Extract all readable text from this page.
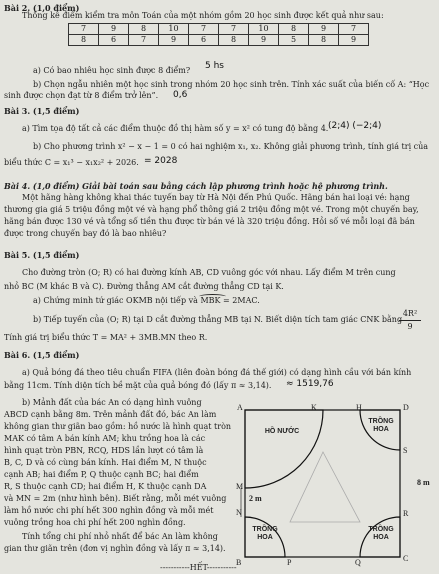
Bài 2. (1,0 điểm)
Thống kê điểm kiểm tra môn Toán của một nhóm gồm 20 học sinh được kết quả như sau:
7	9	8	10	7	7	10	8	9	7
8	6	7	9	6	8	9	5	8	9
a) Có bao nhiêu học sinh được 8 điểm? 5 hs
b) Chọn ngẫu nhiên một học sinh trong nhóm 20 học sinh trên. Tính xác suất của biến cố A: “Học
sinh được chọn đạt từ 8 điểm trở lên”. 0,6
Bài 3. (1,5 điểm)
a) Tìm tọa độ tất cả các điểm thuộc đồ thị hàm số y = x² có tung độ bằng 4. (2;4) (−2;4)
b) Cho phương trình x² − x − 1 = 0 có hai nghiệm x₁, x₂. Không giải phương trình, tính giá trị của
biểu thức C = x₁³ − x₁x₂² + 2026. = 2028
Bài 4. (1,0 điểm) Giải bài toán sau bằng cách lập phương trình hoặc hệ phương trình.
Một hãng hàng không khai thác tuyến bay từ Hà Nội đến Phú Quốc. Hãng bán hai loại vé: hạng
thương gia giá 5 triệu đồng một vé và hạng phổ thông giá 2 triệu đồng một vé. Trong một chuyến bay,
hãng bán được 130 vé và tổng số tiền thu được từ bán vé là 320 triệu đồng. Hỏi số vé mỗi loại đã bán
được trong chuyến bay đó là bao nhiêu?
Bài 5. (1,5 điểm)
Cho đường tròn (O; R) có hai đường kính AB, CD vuông góc với nhau. Lấy điểm M trên cung
nhỏ BC (M khác B và C). Đường thẳng AM cắt đường thẳng CD tại K.
a) Chứng minh tứ giác OKMB nội tiếp và MBK = 2MAC.
b) Tiếp tuyến của (O; R) tại D cắt đường thẳng MB tại N. Biết diện tích tam giác CNK bằng
4R²
9
Tính giá trị biểu thức T = MA² + 3MB.MN theo R.
Bài 6. (1,5 điểm)
a) Quả bóng đá theo tiêu chuẩn FIFA (liên đoàn bóng đá thế giới) có dạng hình cầu với bán kính
bằng 11cm. Tính diện tích bề mặt của quả bóng đó (lấy π ≈ 3,14). ≈ 1519,76
b) Mảnh đất của bác An có dạng hình vuông
ABCD cạnh bằng 8m. Trên mảnh đất đó, bác An làm
không gian thư giãn bao gồm: hồ nước là hình quạt tròn
MAK có tâm A bán kính AM; khu trồng hoa là các
hình quạt tròn PBN, RCQ, HDS lần lượt có tâm là
B, C, D và có cùng bán kính. Hai điểm M, N thuộc
cạnh AB; hai điểm P, Q thuộc cạnh BC; hai điểm
R, S thuộc cạnh CD; hai điểm H, K thuộc cạnh DA
và MN = 2m (như hình bên). Biết rằng, mỗi mét vuông
làm hồ nước chi phí hết 300 nghìn đồng và mỗi mét
vuông trồng hoa chi phí hết 200 nghìn đồng.
Tính tổng chi phí nhỏ nhất để bác An làm không
gian thư giãn trên (đơn vị nghìn đồng và lấy π ≈ 3,14).
-----------HẾT-----------
A	K	H	D
S
R
C
Q
P
B
N
M
HỒ NƯỚC
TRỒNG HOA
TRỒNG HOA
TRỒNG HOA
8 m
2 m
